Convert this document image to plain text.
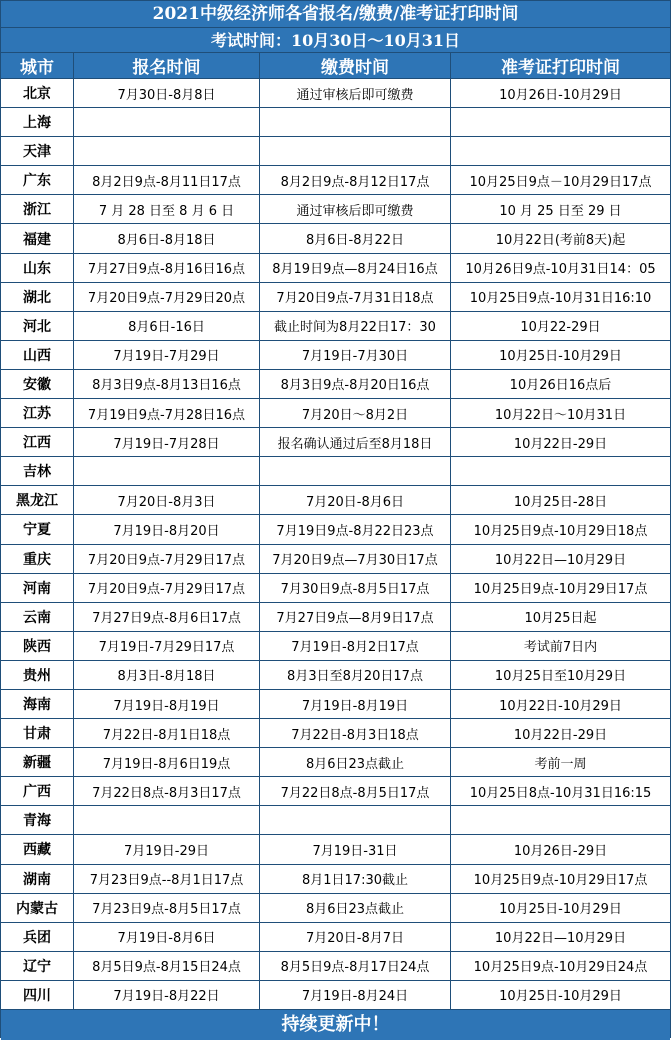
2021中级经济师各省报名/缴费/准考证打印时间
考试时间：10月30日～10月31日
城市	报名时间	缴费时间	准考证打印时间
北京	7月30日-8月8日	通过审核后即可缴费	10月26日-10月29日
上海
天津
广东	8月2日9点-8月11日17点	8月2日9点-8月12日17点	10月25日9点－10月29日17点
浙江	7 月 28 日至 8 月 6 日	通过审核后即可缴费	10 月 25 日至 29 日
福建	8月6日-8月18日	8月6日-8月22日	10月22日(考前8天)起
山东	7月27日9点-8月16日16点	8月19日9点—8月24日16点	10月26日9点-10月31日14：05
湖北	7月20日9点-7月29日20点	7月20日9点-7月31日18点	10月25日9点-10月31日16:10
河北	8月6日-16日	截止时间为8月22日17：30	10月22-29日
山西	7月19日-7月29日	7月19日-7月30日	10月25日-10月29日
安徽	8月3日9点-8月13日16点	8月3日9点-8月20日16点	10月26日16点后
江苏	7月19日9点-7月28日16点	7月20日～8月2日	10月22日～10月31日
江西	7月19日-7月28日	报名确认通过后至8月18日	10月22日-29日
吉林
黑龙江	7月20日-8月3日	7月20日-8月6日	10月25日-28日
宁夏	7月19日-8月20日	7月19日9点-8月22日23点	10月25日9点-10月29日18点
重庆	7月20日9点-7月29日17点	7月20日9点—7月30日17点	10月22日—10月29日
河南	7月20日9点-7月29日17点	7月30日9点-8月5日17点	10月25日9点-10月29日17点
云南	7月27日9点-8月6日17点	7月27日9点—8月9日17点	10月25日起
陕西	7月19日-7月29日17点	7月19日-8月2日17点	考试前7日内
贵州	8月3日-8月18日	8月3日至8月20日17点	10月25日至10月29日
海南	7月19日-8月19日	7月19日-8月19日	10月22日-10月29日
甘肃	7月22日-8月1日18点	7月22日-8月3日18点	10月22日-29日
新疆	7月19日-8月6日19点	8月6日23点截止	考前一周
广西	7月22日8点-8月3日17点	7月22日8点-8月5日17点	10月25日8点-10月31日16:15
青海
西藏	7月19日-29日	7月19日-31日	10月26日-29日
湖南	7月23日9点--8月1日17点	8月1日17:30截止	10月25日9点-10月29日17点
内蒙古	7月23日9点-8月5日17点	8月6日23点截止	10月25日-10月29日
兵团	7月19日-8月6日	7月20日-8月7日	10月22日—10月29日
辽宁	8月5日9点-8月15日24点	8月5日9点-8月17日24点	10月25日9点-10月29日24点
四川	7月19日-8月22日	7月19日-8月24日	10月25日-10月29日
持续更新中！
